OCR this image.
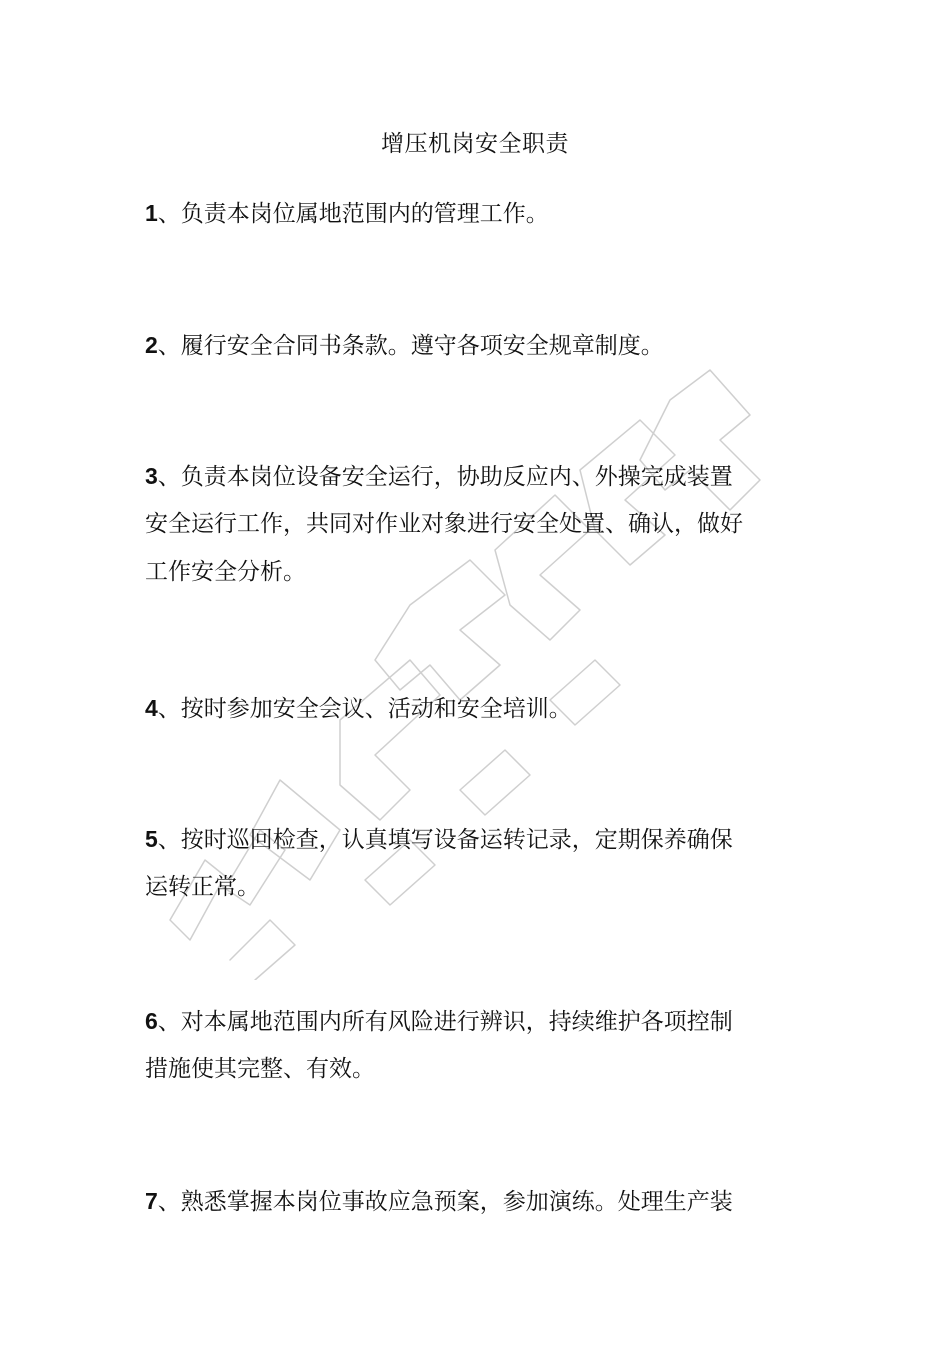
增压机岗安全职责
1、负责本岗位属地范围内的管理工作。
2、履行安全合同书条款。遵守各项安全规章制度。
3、负责本岗位设备安全运行，协助反应内、外操完成装置
安全运行工作，共同对作业对象进行安全处置、确认，做好
工作安全分析。
4、按时参加安全会议、活动和安全培训。
5、按时巡回检查，认真填写设备运转记录，定期保养确保
运转正常。
6、对本属地范围内所有风险进行辨识，持续维护各项控制
措施使其完整、有效。
7、熟悉掌握本岗位事故应急预案，参加演练。处理生产装
